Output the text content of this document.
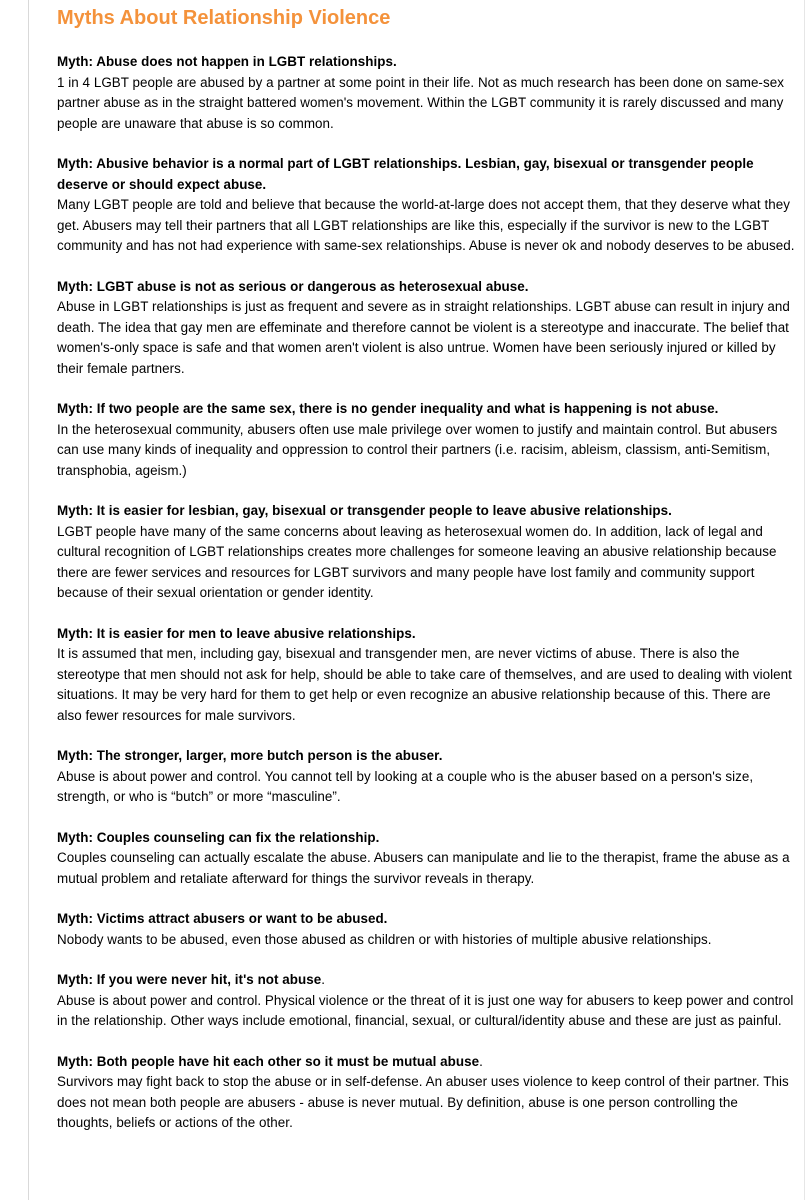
Myths About Relationship Violence
Myth: Abuse does not happen in LGBT relationships.
1 in 4 LGBT people are abused by a partner at some point in their life. Not as much research has been done on same-sex partner abuse as in the straight battered women's movement. Within the LGBT community it is rarely discussed and many people are unaware that abuse is so common.
Myth: Abusive behavior is a normal part of LGBT relationships. Lesbian, gay, bisexual or transgender people deserve or should expect abuse.
Many LGBT people are told and believe that because the world-at-large does not accept them, that they deserve what they get. Abusers may tell their partners that all LGBT relationships are like this, especially if the survivor is new to the LGBT community and has not had experience with same-sex relationships. Abuse is never ok and nobody deserves to be abused.
Myth: LGBT abuse is not as serious or dangerous as heterosexual abuse.
Abuse in LGBT relationships is just as frequent and severe as in straight relationships. LGBT abuse can result in injury and death. The idea that gay men are effeminate and therefore cannot be violent is a stereotype and inaccurate. The belief that women's-only space is safe and that women aren't violent is also untrue. Women have been seriously injured or killed by their female partners.
Myth: If two people are the same sex, there is no gender inequality and what is happening is not abuse.
In the heterosexual community, abusers often use male privilege over women to justify and maintain control. But abusers can use many kinds of inequality and oppression to control their partners (i.e. racisim, ableism, classism, anti-Semitism, transphobia, ageism.)
Myth: It is easier for lesbian, gay, bisexual or transgender people to leave abusive relationships.
LGBT people have many of the same concerns about leaving as heterosexual women do. In addition, lack of legal and cultural recognition of LGBT relationships creates more challenges for someone leaving an abusive relationship because there are fewer services and resources for LGBT survivors and many people have lost family and community support because of their sexual orientation or gender identity.
Myth: It is easier for men to leave abusive relationships.
It is assumed that men, including gay, bisexual and transgender men, are never victims of abuse. There is also the stereotype that men should not ask for help, should be able to take care of themselves, and are used to dealing with violent situations. It may be very hard for them to get help or even recognize an abusive relationship because of this. There are also fewer resources for male survivors.
Myth: The stronger, larger, more butch person is the abuser.
Abuse is about power and control. You cannot tell by looking at a couple who is the abuser based on a person's size, strength, or who is “butch” or more “masculine”.
Myth: Couples counseling can fix the relationship.
Couples counseling can actually escalate the abuse. Abusers can manipulate and lie to the therapist, frame the abuse as a mutual problem and retaliate afterward for things the survivor reveals in therapy.
Myth: Victims attract abusers or want to be abused.
Nobody wants to be abused, even those abused as children or with histories of multiple abusive relationships.
Myth: If you were never hit, it's not abuse.
Abuse is about power and control. Physical violence or the threat of it is just one way for abusers to keep power and control in the relationship. Other ways include emotional, financial, sexual, or cultural/identity abuse and these are just as painful.
Myth: Both people have hit each other so it must be mutual abuse.
Survivors may fight back to stop the abuse or in self-defense. An abuser uses violence to keep control of their partner. This does not mean both people are abusers - abuse is never mutual. By definition, abuse is one person controlling the thoughts, beliefs or actions of the other.
